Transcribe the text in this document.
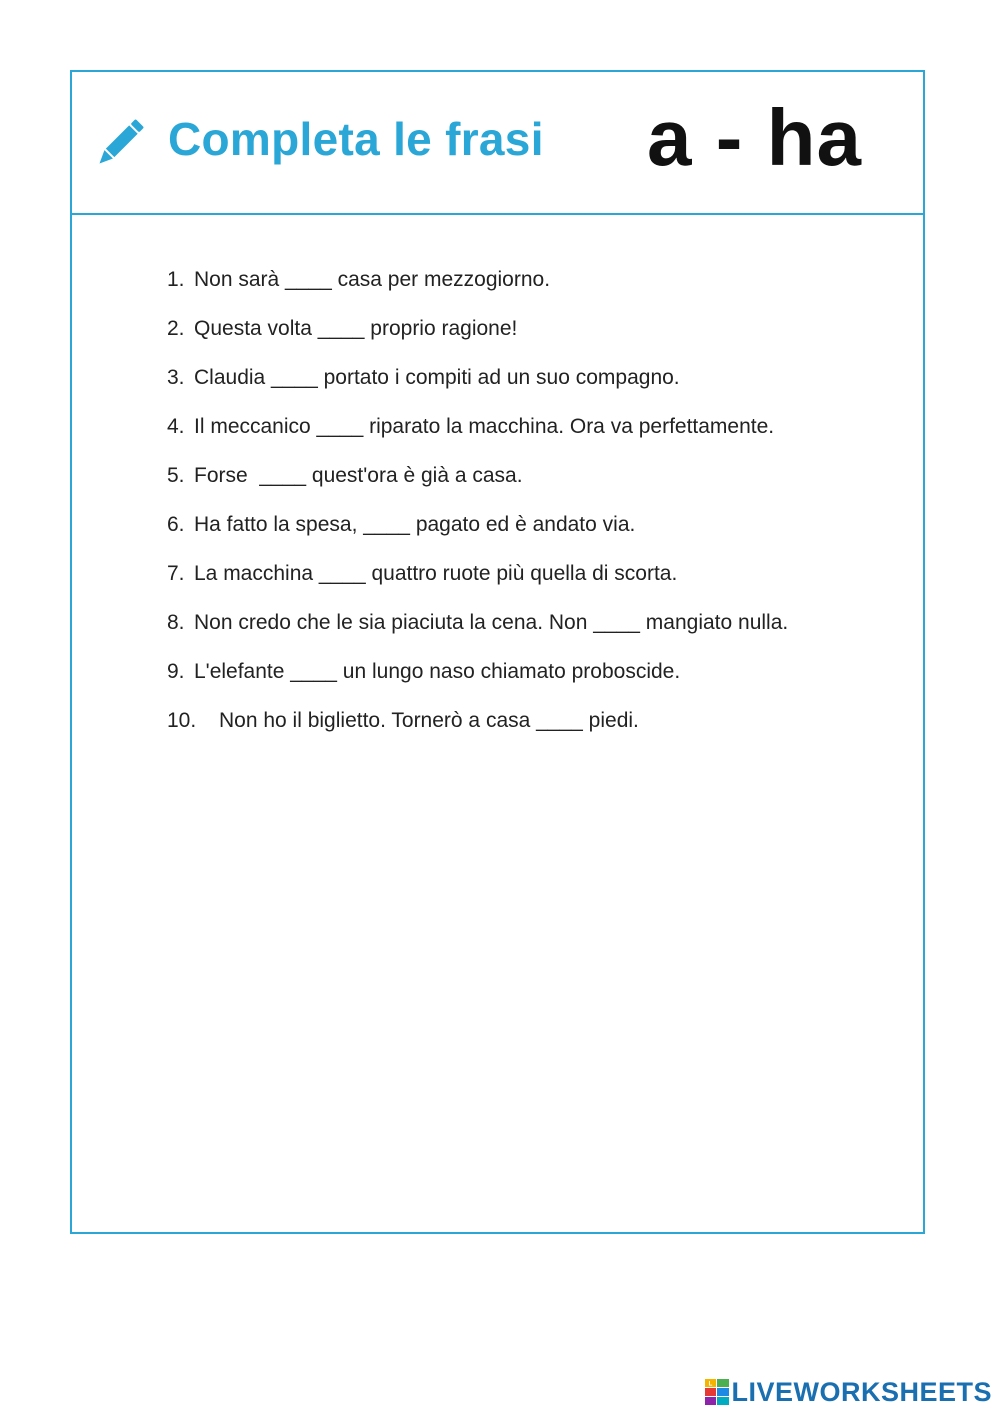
Completa le frasi a - ha
1. Non sarà ____ casa per mezzogiorno.
2. Questa volta ____ proprio ragione!
3. Claudia ____ portato i compiti ad un suo compagno.
4. Il meccanico ____ riparato la macchina. Ora va perfettamente.
5. Forse  ____ quest'ora è già a casa.
6. Ha fatto la spesa, ____ pagato ed è andato via.
7. La macchina ____ quattro ruote più quella di scorta.
8. Non credo che le sia piaciuta la cena. Non ____ mangiato nulla.
9. L'elefante ____ un lungo naso chiamato proboscide.
10. Non ho il biglietto. Tornerò a casa ____ piedi.
L LIVEWORKSHEETS
